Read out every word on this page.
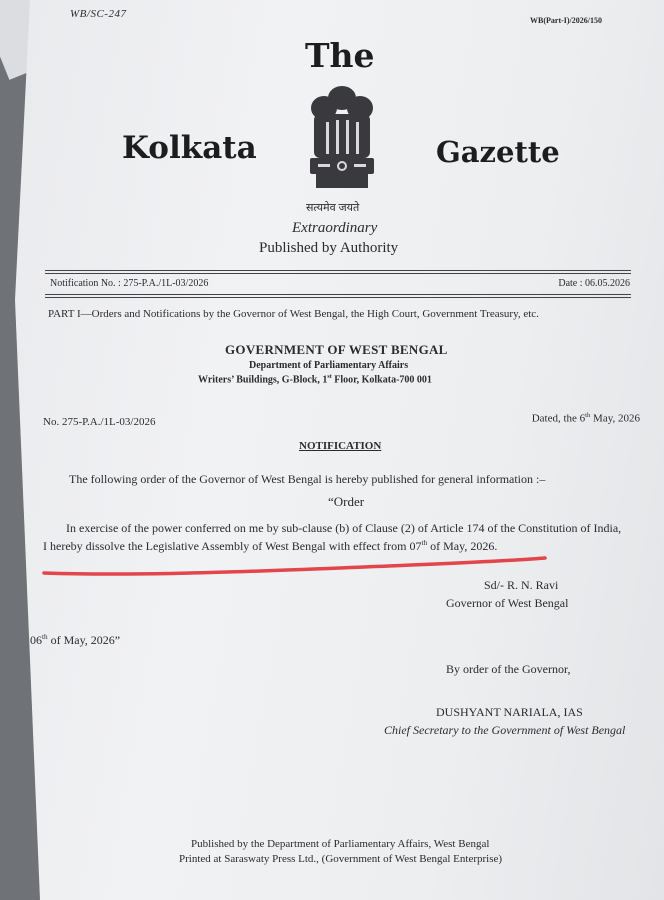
WB/SC-247
WB(Part-I)/2026/150
The
Kolkata	Gazette
सत्यमेव जयते
Extraordinary
Published by Authority
Notification No. : 275-P.A./1L-03/2026	Date : 06.05.2026
PART I—Orders and Notifications by the Governor of West Bengal, the High Court, Government Treasury, etc.
GOVERNMENT OF WEST BENGAL
Department of Parliamentary Affairs
Writers’ Buildings, G-Block, 1st Floor, Kolkata-700 001
No. 275-P.A./1L-03/2026	Dated, the 6th May, 2026
NOTIFICATION
The following order of the Governor of West Bengal is hereby published for general information :–
“Order
In exercise of the power conferred on me by sub-clause (b) of Clause (2) of Article 174 of the Constitution of India,
I hereby dissolve the Legislative Assembly of West Bengal with effect from 07th of May, 2026.
Sd/- R. N. Ravi
Governor of West Bengal
06th of May, 2026”
By order of the Governor,
DUSHYANT NARIALA, IAS
Chief Secretary to the Government of West Bengal
Published by the Department of Parliamentary Affairs, West Bengal
Printed at Saraswaty Press Ltd., (Government of West Bengal Enterprise)
